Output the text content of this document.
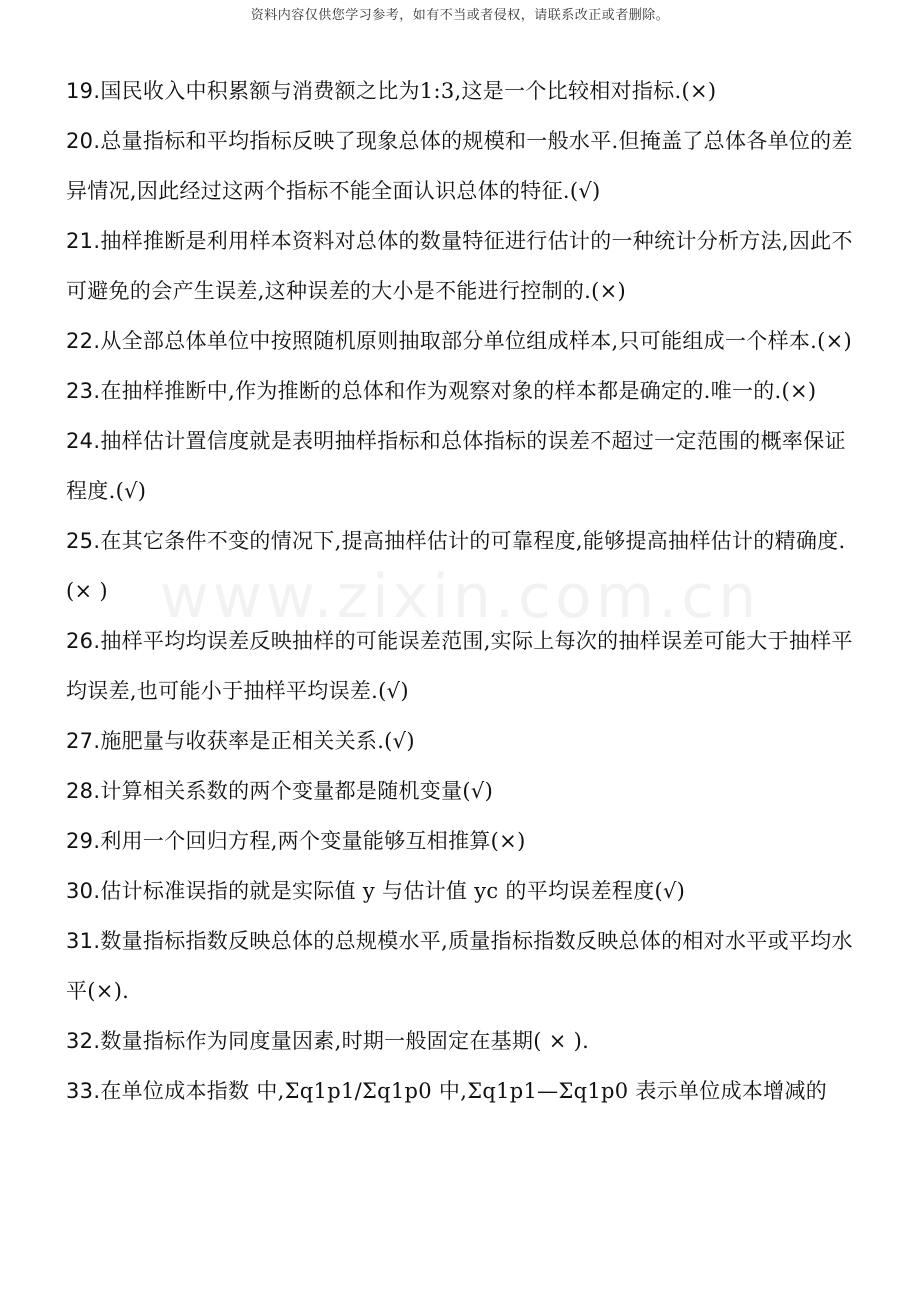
资料内容仅供您学习参考，如有不当或者侵权，请联系改正或者删除。
www.zixin.com.cn

19.国民收入中积累额与消费额之比为1:3,这是一个比较相对指标.(×)

20.总量指标和平均指标反映了现象总体的规模和一般水平.但掩盖了总体各单位的差异情况,因此经过这两个指标不能全面认识总体的特征.(√)

21.抽样推断是利用样本资料对总体的数量特征进行估计的一种统计分析方法,因此不可避免的会产生误差,这种误差的大小是不能进行控制的.(×)

22.从全部总体单位中按照随机原则抽取部分单位组成样本,只可能组成一个样本.(×)

23.在抽样推断中,作为推断的总体和作为观察对象的样本都是确定的.唯一的.(×)

24.抽样估计置信度就是表明抽样指标和总体指标的误差不超过一定范围的概率保证程度.(√)

25.在其它条件不变的情况下,提高抽样估计的可靠程度,能够提高抽样估计的精确度.(× )

26.抽样平均均误差反映抽样的可能误差范围,实际上每次的抽样误差可能大于抽样平均误差,也可能小于抽样平均误差.(√)

27.施肥量与收获率是正相关关系.(√)

28.计算相关系数的两个变量都是随机变量(√)

29.利用一个回归方程,两个变量能够互相推算(×)

30.估计标准误指的就是实际值 y 与估计值 yc 的平均误差程度(√)

31.数量指标指数反映总体的总规模水平,质量指标指数反映总体的相对水平或平均水平(×).

32.数量指标作为同度量因素,时期一般固定在基期( × ).

33.在单位成本指数 中,Σq1p1/Σq1p0 中,Σq1p1—Σq1p0 表示单位成本增减的
